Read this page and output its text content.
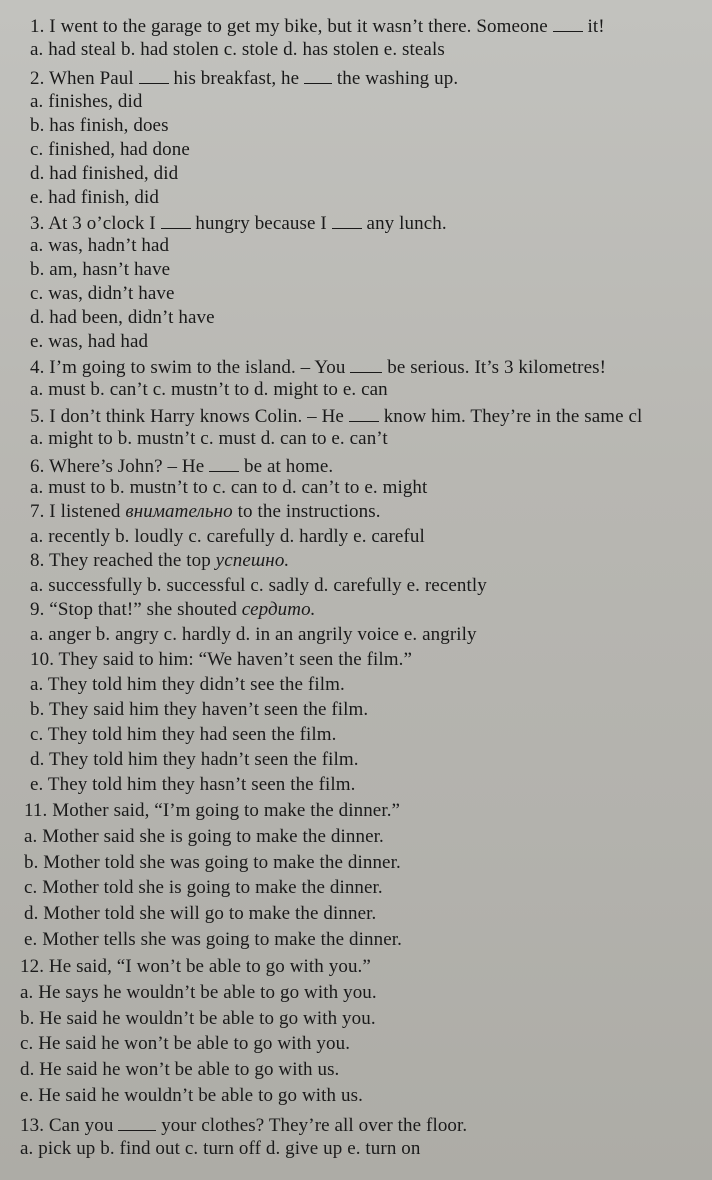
1. I went to the garage to get my bike, but it wasn’t there. Someone it!
a. had steal b. had stolen c. stole d. has stolen e. steals
2. When Paul his breakfast, he the washing up.
a. finishes, did
b. has finish, does
c. finished, had done
d. had finished, did
e. had finish, did
3. At 3 o’clock I hungry because I any lunch.
a. was, hadn’t had
b. am, hasn’t have
c. was, didn’t have
d. had been, didn’t have
e. was, had had
4. I’m going to swim to the island. – You be serious. It’s 3 kilometres!
a. must b. can’t c. mustn’t to d. might to e. can
5. I don’t think Harry knows Colin. – He know him. They’re in the same cl
a. might to b. mustn’t c. must d. can to e. can’t
6. Where’s John? – He be at home.
a. must to b. mustn’t to c. can to d. can’t to e. might
7. I listened внимательно to the instructions.
a. recently b. loudly c. carefully d. hardly e. careful
8. They reached the top успешно.
a. successfully b. successful c. sadly d. carefully e. recently
9. “Stop that!” she shouted сердито.
a. anger b. angry c. hardly d. in an angrily voice e. angrily
10. They said to him: “We haven’t seen the film.”
a. They told him they didn’t see the film.
b. They said him they haven’t seen the film.
c. They told him they had seen the film.
d. They told him they hadn’t seen the film.
e. They told him they hasn’t seen the film.
11. Mother said, “I’m going to make the dinner.”
a. Mother said she is going to make the dinner.
b. Mother told she was going to make the dinner.
c. Mother told she is going to make the dinner.
d. Mother told she will go to make the dinner.
e. Mother tells she was going to make the dinner.
12. He said, “I won’t be able to go with you.”
a. He says he wouldn’t be able to go with you.
b. He said he wouldn’t be able to go with you.
c. He said he won’t be able to go with you.
d. He said he won’t be able to go with us.
e. He said he wouldn’t be able to go with us.
13. Can you	your clothes? They’re all over the floor.
a. pick up b. find out c. turn off d. give up e. turn on
